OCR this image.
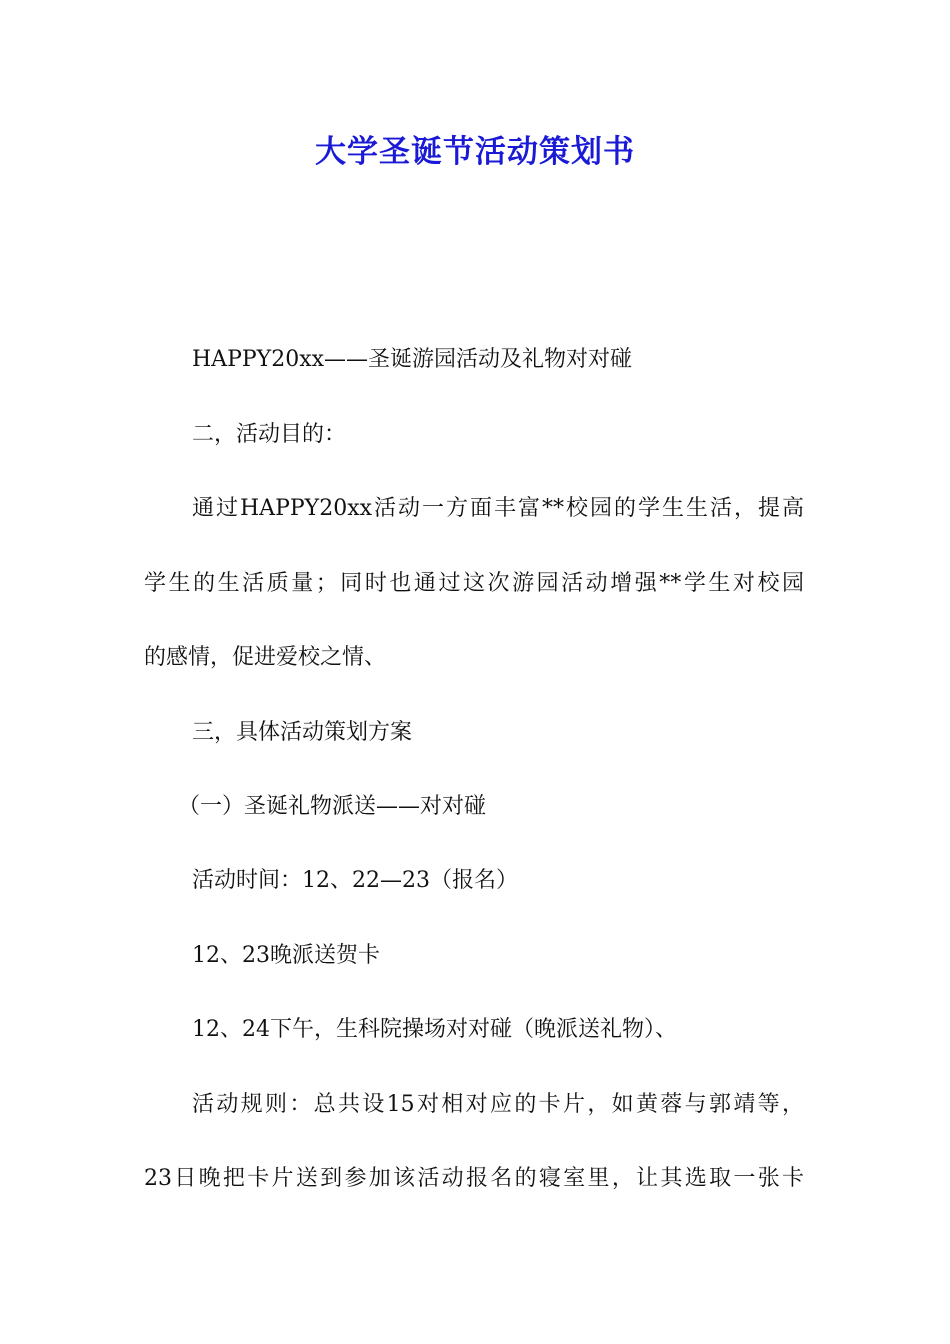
大学圣诞节活动策划书
HAPPY20xx——圣诞游园活动及礼物对对碰
二，活动目的：
通过HAPPY20xx活动一方面丰富**校园的学生生活，提高
学生的生活质量；同时也通过这次游园活动增强**学生对校园
的感情，促进爱校之情、
三，具体活动策划方案
（一）圣诞礼物派送——对对碰
活动时间：12、22—23（报名）
12、23晚派送贺卡
12、24下午，生科院操场对对碰（晚派送礼物）、
活动规则：总共设15对相对应的卡片，如黄蓉与郭靖等，
23日晚把卡片送到参加该活动报名的寝室里，让其选取一张卡
